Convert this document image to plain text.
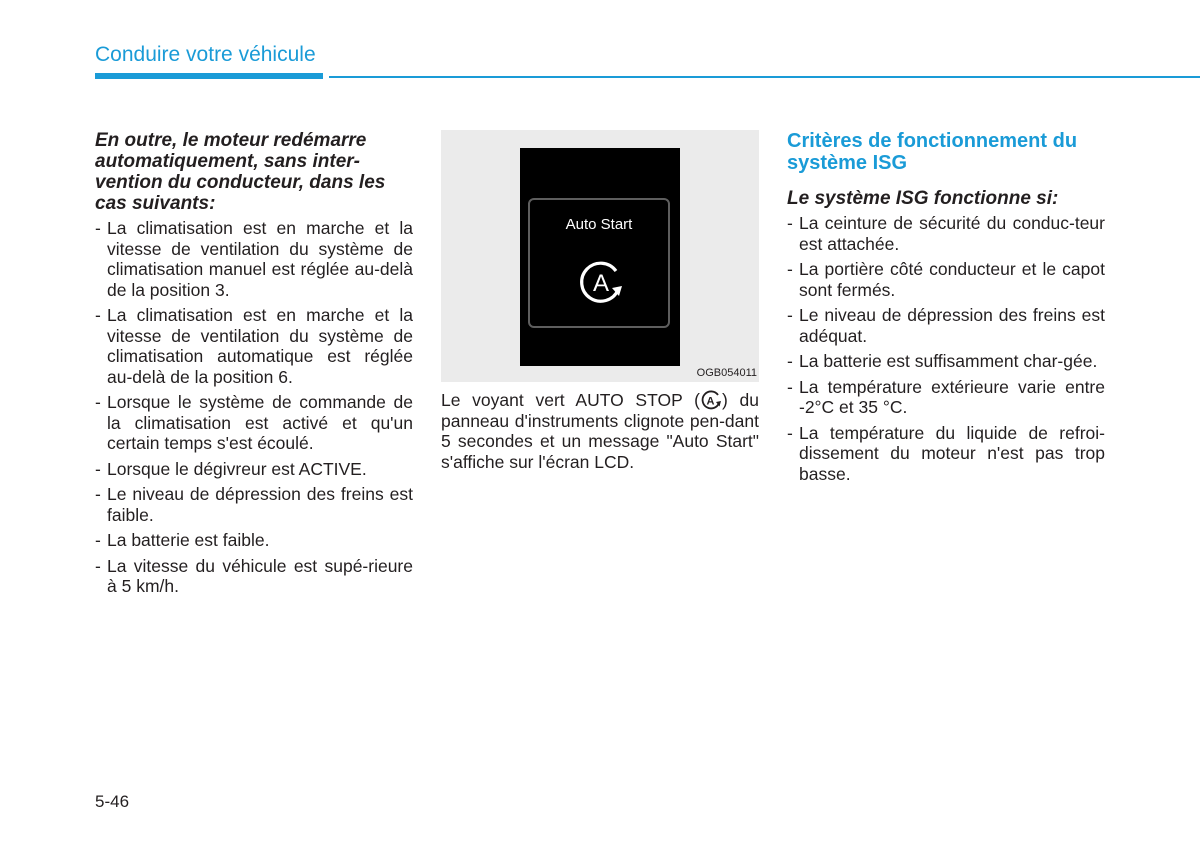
Conduire votre véhicule

En outre, le moteur redémarre automatiquement, sans inter-vention du conducteur, dans les cas suivants:

- La climatisation est en marche et la vitesse de ventilation du système de climatisation manuel est réglée au-delà de la position 3.
- La climatisation est en marche et la vitesse de ventilation du système de climatisation automatique est réglée au-delà de la position 6.
- Lorsque le système de commande de la climatisation est activé et qu'un certain temps s'est écoulé.
- Lorsque le dégivreur est ACTIVE.
- Le niveau de dépression des freins est faible.
- La batterie est faible.
- La vitesse du véhicule est supé-rieure à 5 km/h.
Auto Start
A
OGB054011

Le voyant vert AUTO STOP ( A ) du panneau d'instruments clignote pen-dant 5 secondes et un message "Auto Start" s'affiche sur l'écran LCD.

Critères de fonctionnement du système ISG

Le système ISG fonctionne si:

- La ceinture de sécurité du conduc-teur est attachée.
- La portière côté conducteur et le capot sont fermés.
- Le niveau de dépression des freins est adéquat.
- La batterie est suffisamment char-gée.
- La température extérieure varie entre -2°C et 35 °C.
- La température du liquide de refroi-dissement du moteur n'est pas trop basse.
5-46
